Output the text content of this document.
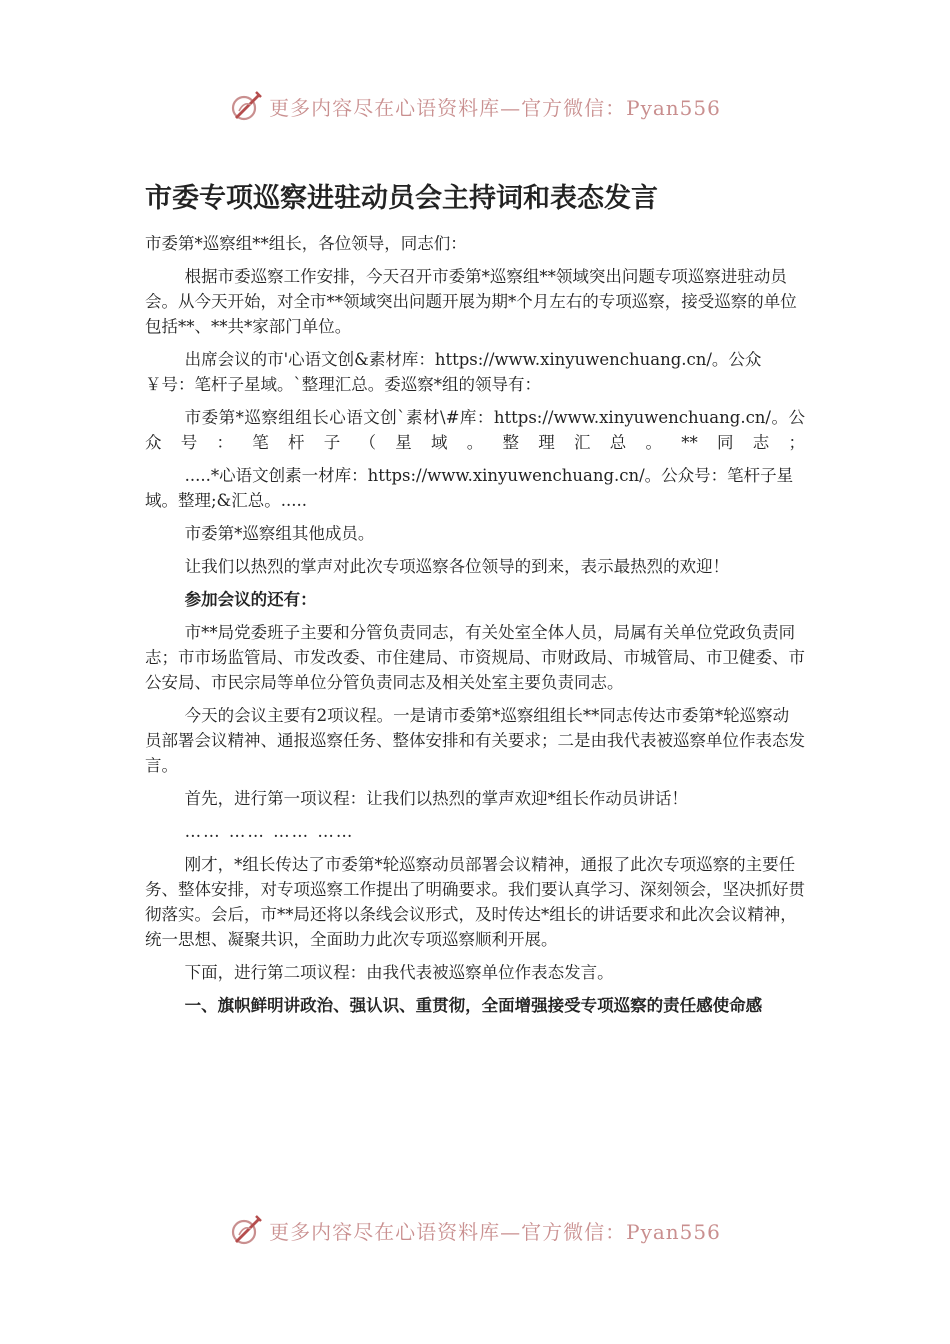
更多内容尽在心语资料库—官方微信：Pyan556
市委专项巡察进驻动员会主持词和表态发言

市委第*巡察组**组长，各位领导，同志们：

根据市委巡察工作安排，今天召开市委第*巡察组**领域突出问题专项巡察进驻动员会。从今天开始，对全市**领域突出问题开展为期*个月左右的专项巡察，接受巡察的单位包括**、**共*家部门单位。

出席会议的市'心语文创&素材库：https://www.xinyuwenchuang.cn/。公众￥号：笔杆子星域。`整理汇总。委巡察*组的领导有：

市委第*巡察组组长心语文创`素材\#库：https://www.xinyuwenchuang.cn/。公众号：笔杆子（星域。整理汇总。**同志；

.....*心语文创素一材库：https://www.xinyuwenchuang.cn/。公众号：笔杆子星域。整理;&汇总。.....

市委第*巡察组其他成员。

让我们以热烈的掌声对此次专项巡察各位领导的到来，表示最热烈的欢迎！

参加会议的还有：

市**局党委班子主要和分管负责同志，有关处室全体人员，局属有关单位党政负责同志；市市场监管局、市发改委、市住建局、市资规局、市财政局、市城管局、市卫健委、市公安局、市民宗局等单位分管负责同志及相关处室主要负责同志。

今天的会议主要有2项议程。一是请市委第*巡察组组长**同志传达市委第*轮巡察动员部署会议精神、通报巡察任务、整体安排和有关要求；二是由我代表被巡察单位作表态发言。

首先，进行第一项议程：让我们以热烈的掌声欢迎*组长作动员讲话！

…… …… …… ……

刚才，*组长传达了市委第*轮巡察动员部署会议精神，通报了此次专项巡察的主要任务、整体安排，对专项巡察工作提出了明确要求。我们要认真学习、深刻领会，坚决抓好贯彻落实。会后，市**局还将以条线会议形式，及时传达*组长的讲话要求和此次会议精神，统一思想、凝聚共识，全面助力此次专项巡察顺利开展。

下面，进行第二项议程：由我代表被巡察单位作表态发言。

一、旗帜鲜明讲政治、强认识、重贯彻，全面增强接受专项巡察的责任感使命感

更多内容尽在心语资料库—官方微信：Pyan556
